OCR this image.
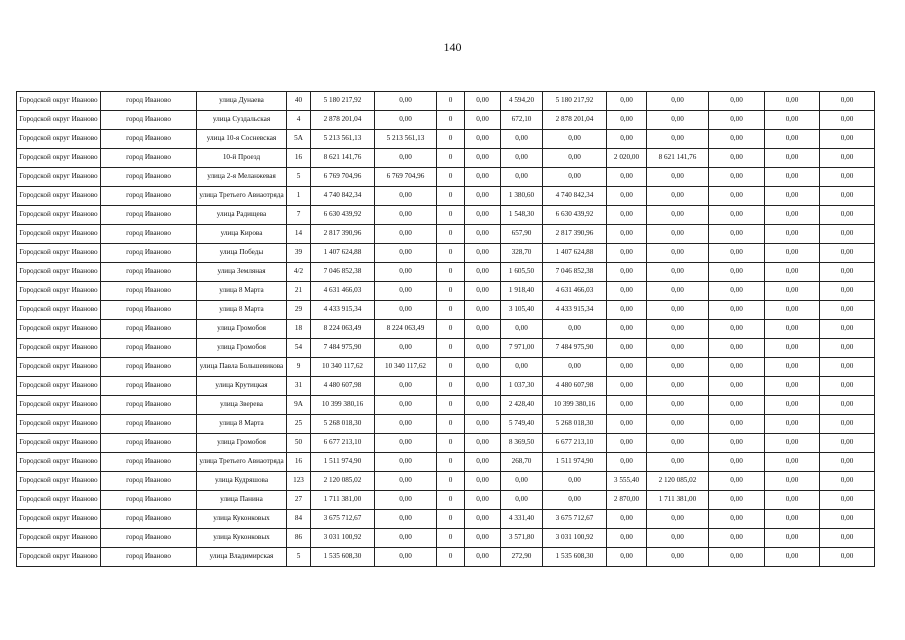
140
Городской округ Иваново	город Иваново	улица Дунаева	40	5 180 217,92	0,00	0	0,00	4 594,20	5 180 217,92	0,00	0,00	0,00	0,00	0,00
Городской округ Иваново	город Иваново	улица Суздальская	4	2 878 201,04	0,00	0	0,00	672,10	2 878 201,04	0,00	0,00	0,00	0,00	0,00
Городской округ Иваново	город Иваново	улица 10-я Сосневская	5А	5 213 561,13	5 213 561,13	0	0,00	0,00	0,00	0,00	0,00	0,00	0,00	0,00
Городской округ Иваново	город Иваново	10-й Проезд	16	8 621 141,76	0,00	0	0,00	0,00	0,00	2 020,00	8 621 141,76	0,00	0,00	0,00
Городской округ Иваново	город Иваново	улица 2-я Меланжевая	5	6 769 704,96	6 769 704,96	0	0,00	0,00	0,00	0,00	0,00	0,00	0,00	0,00
Городской округ Иваново	город Иваново	улица Третьего Авиаотряда	1	4 740 842,34	0,00	0	0,00	1 380,60	4 740 842,34	0,00	0,00	0,00	0,00	0,00
Городской округ Иваново	город Иваново	улица Радищева	7	6 630 439,92	0,00	0	0,00	1 548,30	6 630 439,92	0,00	0,00	0,00	0,00	0,00
Городской округ Иваново	город Иваново	улица Кирова	14	2 817 390,96	0,00	0	0,00	657,90	2 817 390,96	0,00	0,00	0,00	0,00	0,00
Городской округ Иваново	город Иваново	улица Победы	39	1 407 624,88	0,00	0	0,00	328,70	1 407 624,88	0,00	0,00	0,00	0,00	0,00
Городской округ Иваново	город Иваново	улица Земляная	4/2	7 046 852,38	0,00	0	0,00	1 605,50	7 046 852,38	0,00	0,00	0,00	0,00	0,00
Городской округ Иваново	город Иваново	улица 8 Марта	21	4 631 466,03	0,00	0	0,00	1 918,40	4 631 466,03	0,00	0,00	0,00	0,00	0,00
Городской округ Иваново	город Иваново	улица 8 Марта	29	4 433 915,34	0,00	0	0,00	3 105,40	4 433 915,34	0,00	0,00	0,00	0,00	0,00
Городской округ Иваново	город Иваново	улица Громобоя	18	8 224 063,49	8 224 063,49	0	0,00	0,00	0,00	0,00	0,00	0,00	0,00	0,00
Городской округ Иваново	город Иваново	улица Громобоя	54	7 484 975,90	0,00	0	0,00	7 971,00	7 484 975,90	0,00	0,00	0,00	0,00	0,00
Городской округ Иваново	город Иваново	улица Павла Большевикова	9	10 340 117,62	10 340 117,62	0	0,00	0,00	0,00	0,00	0,00	0,00	0,00	0,00
Городской округ Иваново	город Иваново	улица Крутицкая	31	4 480 607,98	0,00	0	0,00	1 037,30	4 480 607,98	0,00	0,00	0,00	0,00	0,00
Городской округ Иваново	город Иваново	улица Зверева	9А	10 399 380,16	0,00	0	0,00	2 428,40	10 399 380,16	0,00	0,00	0,00	0,00	0,00
Городской округ Иваново	город Иваново	улица 8 Марта	25	5 268 018,30	0,00	0	0,00	5 749,40	5 268 018,30	0,00	0,00	0,00	0,00	0,00
Городской округ Иваново	город Иваново	улица Громобоя	50	6 677 213,10	0,00	0	0,00	8 369,50	6 677 213,10	0,00	0,00	0,00	0,00	0,00
Городской округ Иваново	город Иваново	улица Третьего Авиаотряда	16	1 511 974,90	0,00	0	0,00	268,70	1 511 974,90	0,00	0,00	0,00	0,00	0,00
Городской округ Иваново	город Иваново	улица Кудряшова	123	2 120 085,02	0,00	0	0,00	0,00	0,00	3 555,40	2 120 085,02	0,00	0,00	0,00
Городской округ Иваново	город Иваново	улица Панина	27	1 711 381,00	0,00	0	0,00	0,00	0,00	2 870,00	1 711 381,00	0,00	0,00	0,00
Городской округ Иваново	город Иваново	улица Куконковых	84	3 675 712,67	0,00	0	0,00	4 331,40	3 675 712,67	0,00	0,00	0,00	0,00	0,00
Городской округ Иваново	город Иваново	улица Куконковых	86	3 031 100,92	0,00	0	0,00	3 571,80	3 031 100,92	0,00	0,00	0,00	0,00	0,00
Городской округ Иваново	город Иваново	улица Владимирская	5	1 535 608,30	0,00	0	0,00	272,90	1 535 608,30	0,00	0,00	0,00	0,00	0,00
